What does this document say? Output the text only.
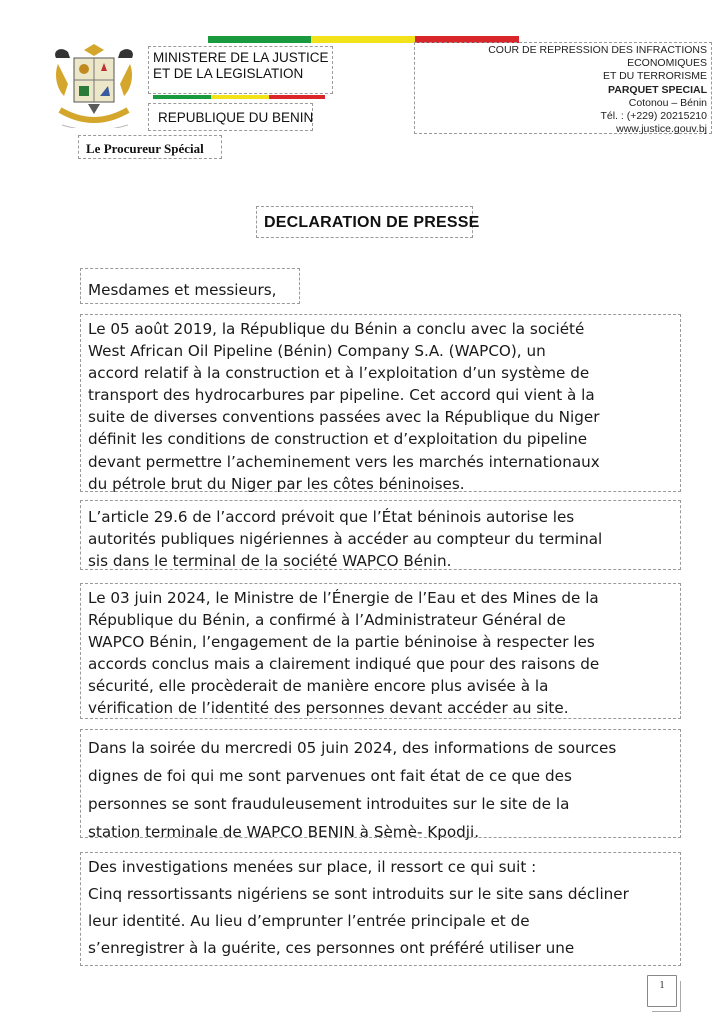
MINISTERE DE LA JUSTICE
ET DE LA LEGISLATION
REPUBLIQUE DU BENIN
Le Procureur Spécial
COUR DE REPRESSION DES INFRACTIONS ECONOMIQUES
ET DU TERRORISME
PARQUET SPECIAL
Cotonou – Bénin
Tél. : (+229) 20215210
www.justice.gouv.bj
DECLARATION DE PRESSE
Mesdames et messieurs,
Le 05 août 2019, la République du Bénin a conclu avec la société
West African Oil Pipeline (Bénin) Company S.A. (WAPCO), un
accord relatif à la construction et à l’exploitation d’un système de
transport des hydrocarbures par pipeline. Cet accord qui vient à la
suite de diverses conventions passées avec la République du Niger
définit les conditions de construction et d’exploitation du pipeline
devant permettre l’acheminement vers les marchés internationaux
du pétrole brut du Niger par les côtes béninoises.
L’article 29.6 de l’accord prévoit que l’État béninois autorise les
autorités publiques nigériennes à accéder au compteur du terminal
sis dans le terminal de la société WAPCO Bénin.
Le 03 juin 2024, le Ministre de l’Énergie de l’Eau et des Mines de la
République du Bénin, a confirmé à l’Administrateur Général de
WAPCO Bénin, l’engagement de la partie béninoise à respecter les
accords conclus mais a clairement indiqué que pour des raisons de
sécurité, elle procèderait de manière encore plus avisée à la
vérification de l’identité des personnes devant accéder au site.
Dans la soirée du mercredi 05 juin 2024, des informations de sources
dignes de foi qui me sont parvenues ont fait état de ce que des
personnes se sont frauduleusement introduites sur le site de la
station terminale de WAPCO BENIN à Sèmè- Kpodji.
Des investigations menées sur place, il ressort ce qui suit :
Cinq ressortissants nigériens se sont introduits sur le site sans décliner
leur identité. Au lieu d’emprunter l’entrée principale et de
s’enregistrer à la guérite, ces personnes ont préféré utiliser une
1
